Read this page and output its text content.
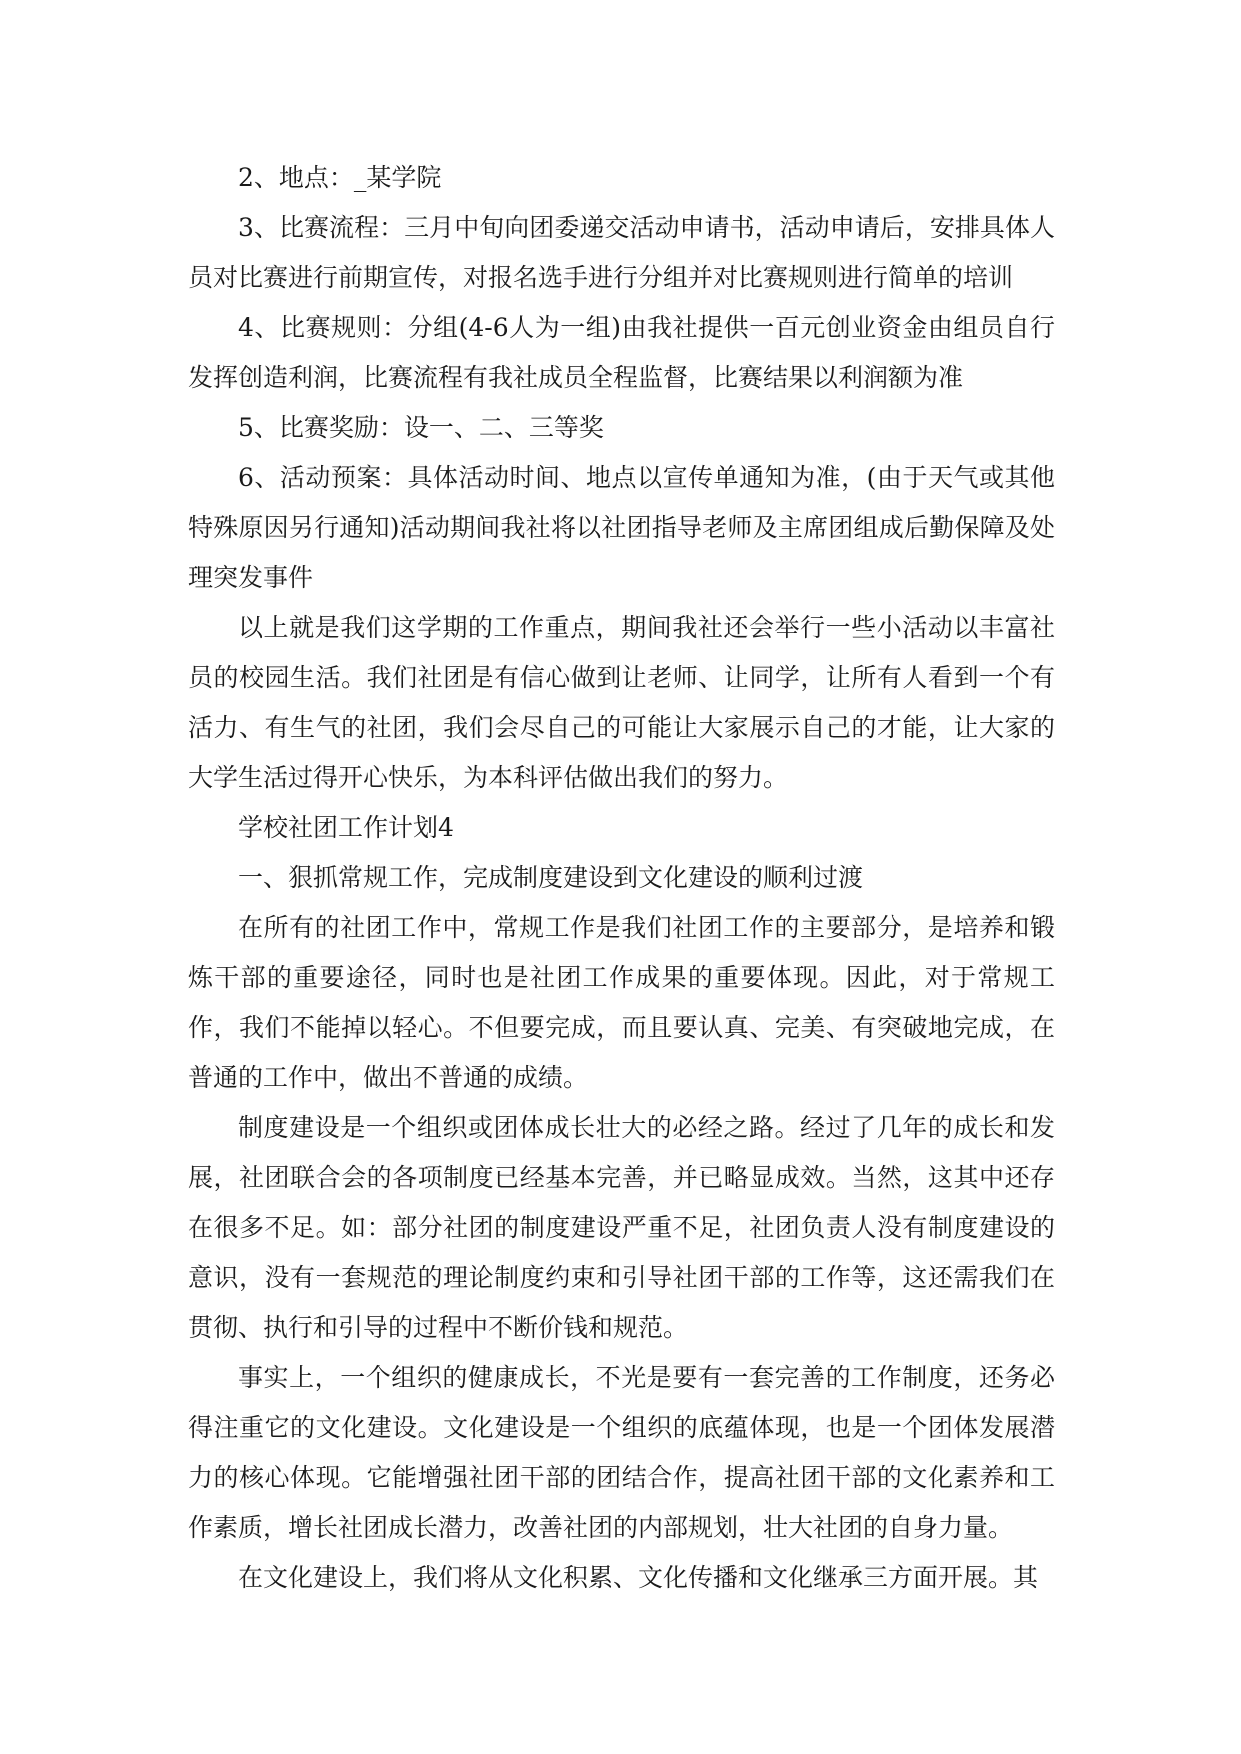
2、地点：_某学院

3、比赛流程：三月中旬向团委递交活动申请书，活动申请后，安排具体人员对比赛进行前期宣传，对报名选手进行分组并对比赛规则进行简单的培训

4、比赛规则：分组(4-6人为一组)由我社提供一百元创业资金由组员自行发挥创造利润，比赛流程有我社成员全程监督，比赛结果以利润额为准

5、比赛奖励：设一、二、三等奖

6、活动预案：具体活动时间、地点以宣传单通知为准，(由于天气或其他特殊原因另行通知)活动期间我社将以社团指导老师及主席团组成后勤保障及处理突发事件

以上就是我们这学期的工作重点，期间我社还会举行一些小活动以丰富社员的校园生活。我们社团是有信心做到让老师、让同学，让所有人看到一个有活力、有生气的社团，我们会尽自己的可能让大家展示自己的才能，让大家的大学生活过得开心快乐，为本科评估做出我们的努力。

学校社团工作计划4

一、狠抓常规工作，完成制度建设到文化建设的顺利过渡

在所有的社团工作中，常规工作是我们社团工作的主要部分，是培养和锻炼干部的重要途径，同时也是社团工作成果的重要体现。因此，对于常规工作，我们不能掉以轻心。不但要完成，而且要认真、完美、有突破地完成，在普通的工作中，做出不普通的成绩。

制度建设是一个组织或团体成长壮大的必经之路。经过了几年的成长和发展，社团联合会的各项制度已经基本完善，并已略显成效。当然，这其中还存在很多不足。如：部分社团的制度建设严重不足，社团负责人没有制度建设的意识，没有一套规范的理论制度约束和引导社团干部的工作等，这还需我们在贯彻、执行和引导的过程中不断价钱和规范。

事实上，一个组织的健康成长，不光是要有一套完善的工作制度，还务必得注重它的文化建设。文化建设是一个组织的底蕴体现，也是一个团体发展潜力的核心体现。它能增强社团干部的团结合作，提高社团干部的文化素养和工作素质，增长社团成长潜力，改善社团的内部规划，壮大社团的自身力量。

在文化建设上，我们将从文化积累、文化传播和文化继承三方面开展。其
